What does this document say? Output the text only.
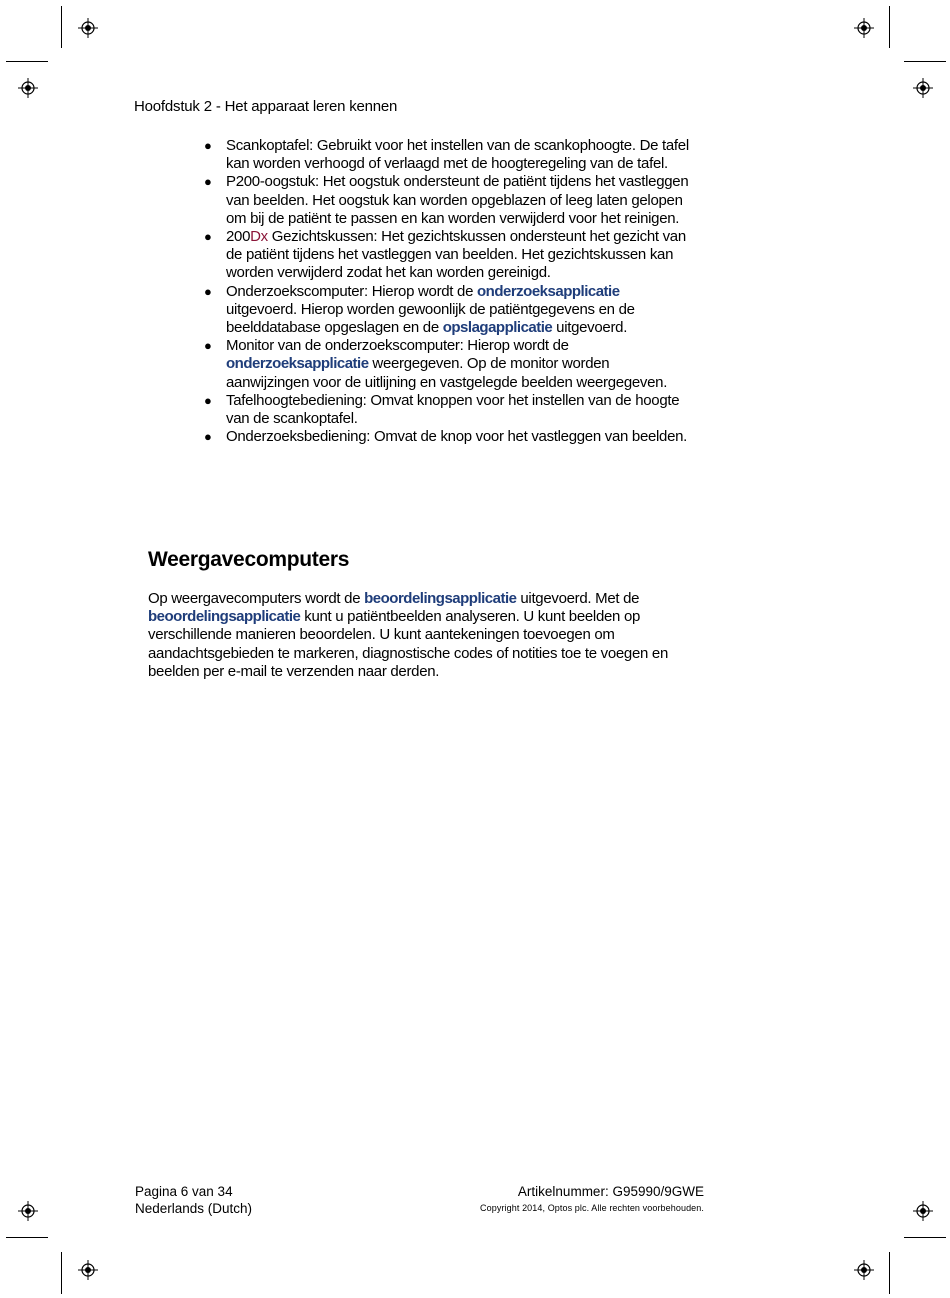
Hoofdstuk 2 - Het apparaat leren kennen
● Scankoptafel: Gebruikt voor het instellen van de scankophoogte. De tafel kan worden verhoogd of verlaagd met de hoogteregeling van de tafel.
● P200-oogstuk: Het oogstuk ondersteunt de patiënt tijdens het vastleggen van beelden. Het oogstuk kan worden opgeblazen of leeg laten gelopen om bij de patiënt te passen en kan worden verwijderd voor het reinigen.
● 200Dx Gezichtskussen: Het gezichtskussen ondersteunt het gezicht van de patiënt tijdens het vastleggen van beelden. Het gezichtskussen kan worden verwijderd zodat het kan worden gereinigd.
● Onderzoekscomputer: Hierop wordt de onderzoeksapplicatie uitgevoerd. Hierop worden gewoonlijk de patiëntgegevens en de beelddatabase opgeslagen en de opslagapplicatie uitgevoerd.
● Monitor van de onderzoekscomputer: Hierop wordt de onderzoeksapplicatie weergegeven. Op de monitor worden aanwijzingen voor de uitlijning en vastgelegde beelden weergegeven.
● Tafelhoogtebediening: Omvat knoppen voor het instellen van de hoogte van de scankoptafel.
● Onderzoeksbediening: Omvat de knop voor het vastleggen van beelden.
Weergavecomputers
Op weergavecomputers wordt de beoordelingsapplicatie uitgevoerd. Met de beoordelingsapplicatie kunt u patiëntbeelden analyseren. U kunt beelden op verschillende manieren beoordelen. U kunt aantekeningen toevoegen om aandachtsgebieden te markeren, diagnostische codes of notities toe te voegen en beelden per e-mail te verzenden naar derden.
Pagina 6 van 34
Nederlands (Dutch)
Artikelnummer: G95990/9GWE
Copyright 2014, Optos plc. Alle rechten voorbehouden.
